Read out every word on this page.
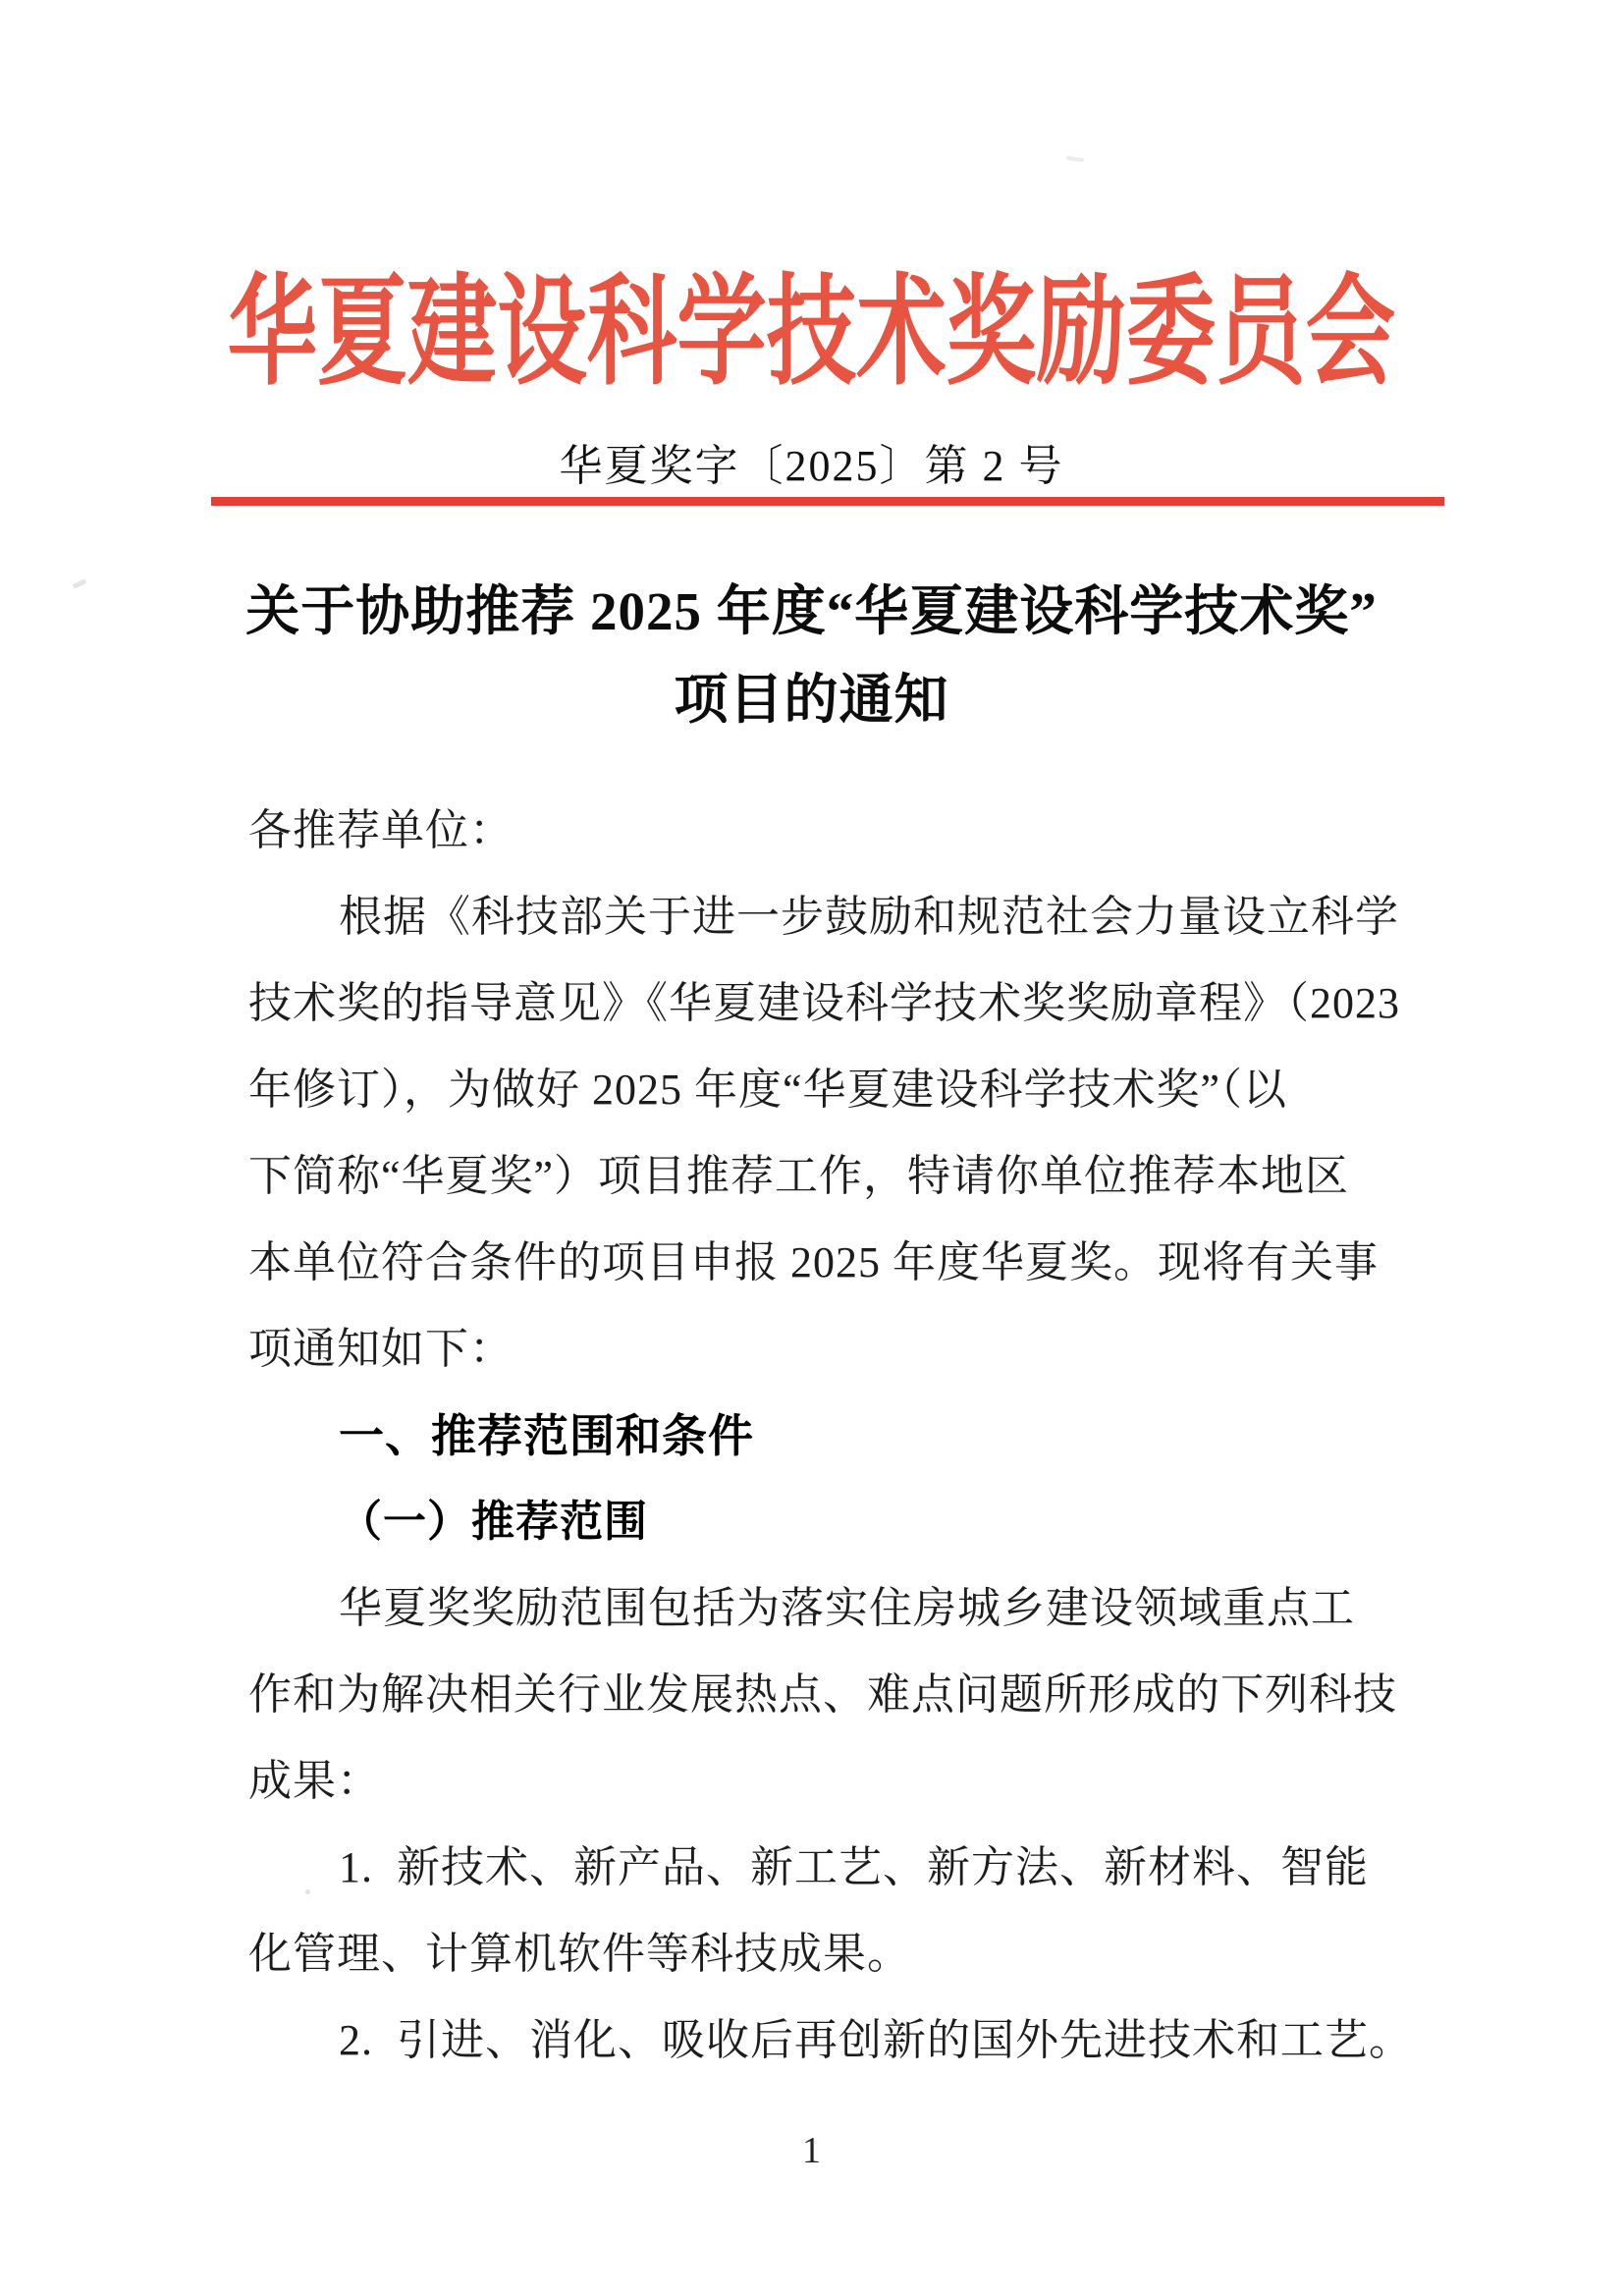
华夏建设科学技术奖励委员会
华夏奖字〔2025〕第 2 号
关于协助推荐 2025 年度“华夏建设科学技术奖”
项目的通知
各推荐单位：
根据《科技部关于进一步鼓励和规范社会力量设立科学
技术奖的指导意见》《华夏建设科学技术奖奖励章程》（2023
年修订），为做好 2025 年度“华夏建设科学技术奖”（以
下简称“华夏奖”）项目推荐工作，特请你单位推荐本地区
本单位符合条件的项目申报 2025 年度华夏奖。现将有关事
项通知如下：
一、推荐范围和条件
（一）推荐范围
华夏奖奖励范围包括为落实住房城乡建设领域重点工
作和为解决相关行业发展热点、难点问题所形成的下列科技
成果：
1.  新技术、新产品、新工艺、新方法、新材料、智能
化管理、计算机软件等科技成果。
2.  引进、消化、吸收后再创新的国外先进技术和工艺。
1
